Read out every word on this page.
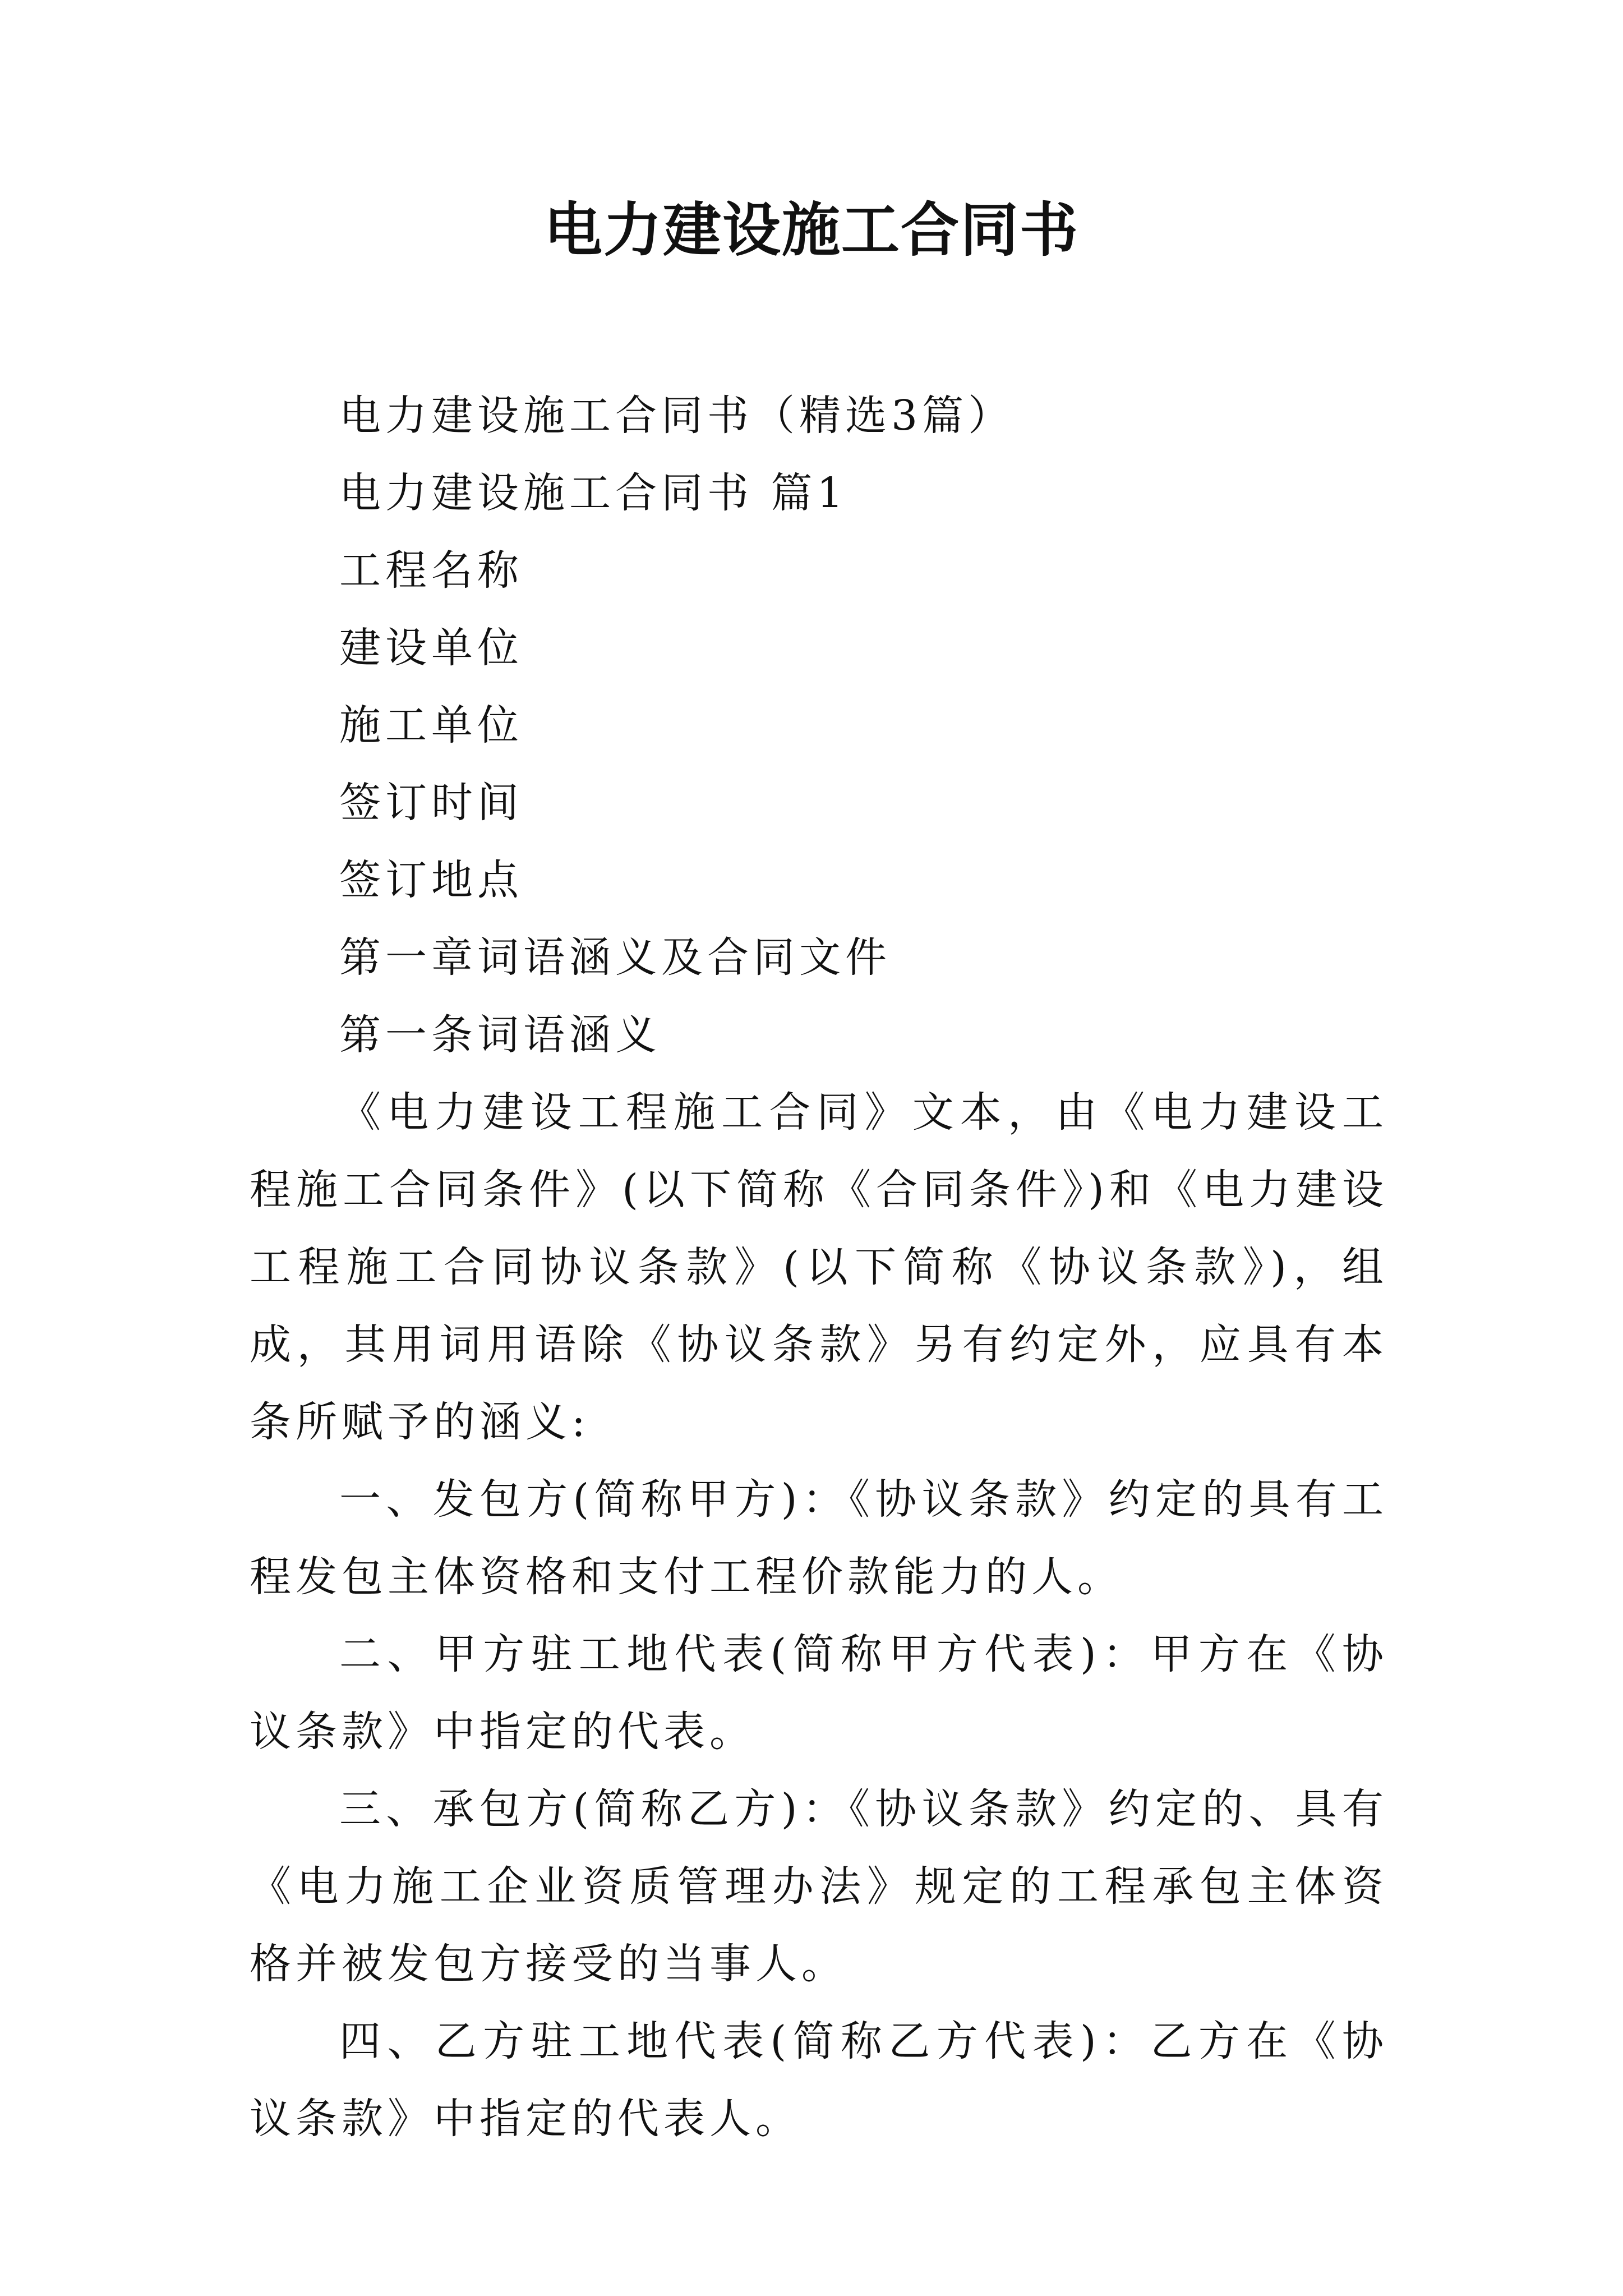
电力建设施工合同书

电力建设施工合同书（精选3篇）

电力建设施工合同书 篇1

工程名称

建设单位

施工单位

签订时间

签订地点

第一章词语涵义及合同文件

第一条词语涵义

《电力建设工程施工合同》文本，由《电力建设工程施工合同条件》(以下简称《合同条件》)和《电力建设工程施工合同协议条款》(以下简称《协议条款》)，组成，其用词用语除《协议条款》另有约定外，应具有本条所赋予的涵义:

一、发包方(简称甲方)：《协议条款》约定的具有工程发包主体资格和支付工程价款能力的人。

二、甲方驻工地代表(简称甲方代表)：甲方在《协议条款》中指定的代表。

三、承包方(简称乙方)：《协议条款》约定的、具有《电力施工企业资质管理办法》规定的工程承包主体资格并被发包方接受的当事人。

四、乙方驻工地代表(简称乙方代表)：乙方在《协议条款》中指定的代表人。
